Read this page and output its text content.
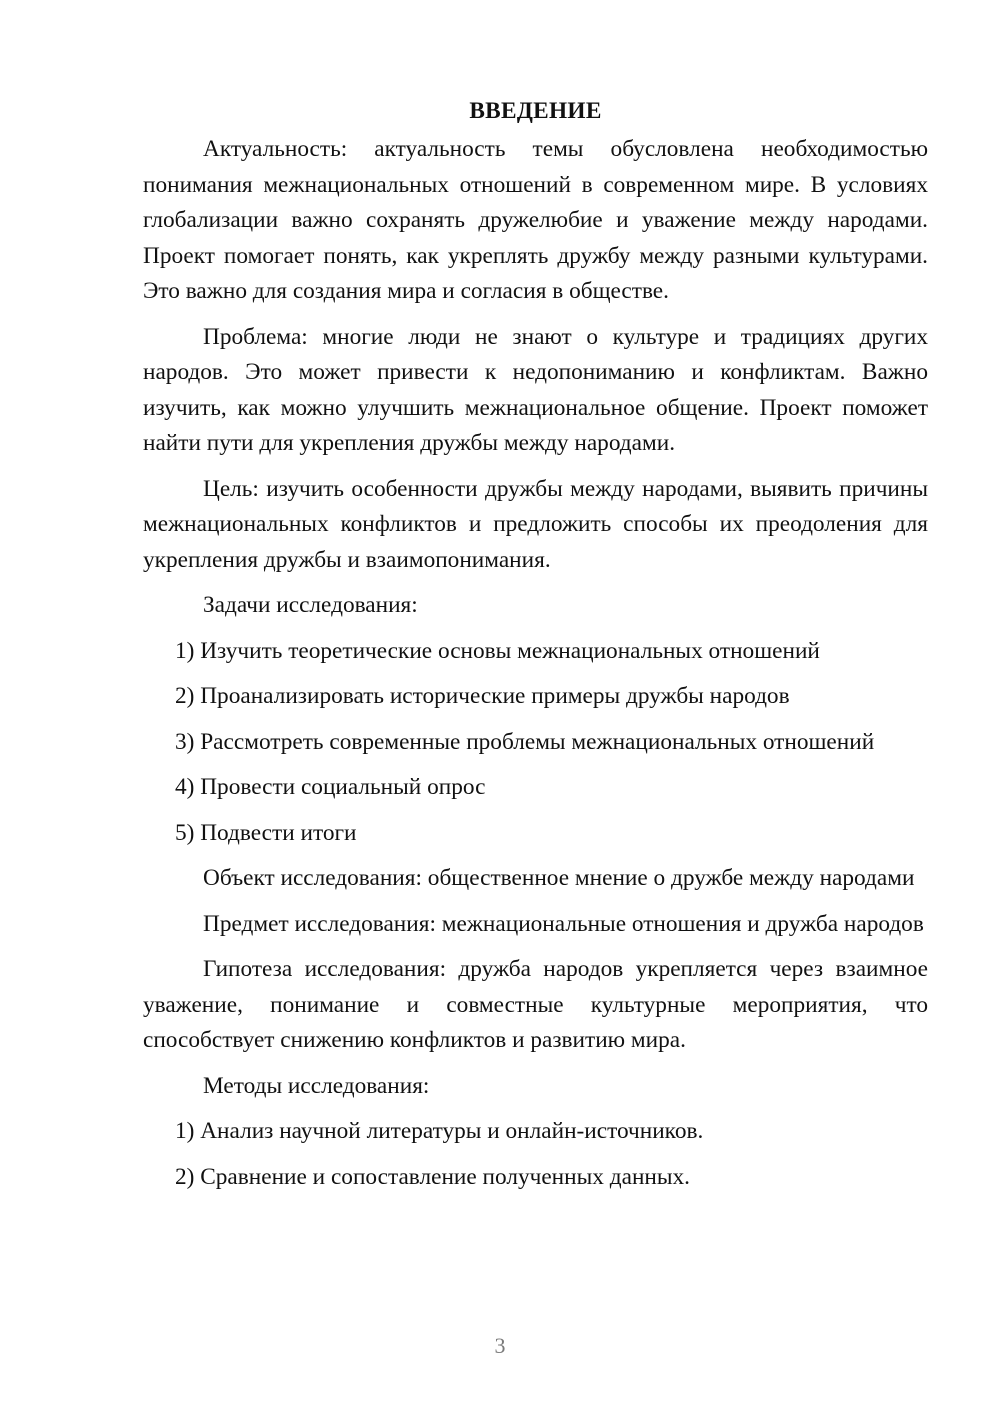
ВВЕДЕНИЕ

Актуальность: актуальность темы обусловлена необходимостью понимания межнациональных отношений в современном мире. В условиях глобализации важно сохранять дружелюбие и уважение между народами. Проект помогает понять, как укреплять дружбу между разными культурами. Это важно для создания мира и согласия в обществе.

Проблема: многие люди не знают о культуре и традициях других народов. Это может привести к недопониманию и конфликтам. Важно изучить, как можно улучшить межнациональное общение. Проект поможет найти пути для укрепления дружбы между народами.

Цель: изучить особенности дружбы между народами, выявить причины межнациональных конфликтов и предложить способы их преодоления для укрепления дружбы и взаимопонимания.

Задачи исследования:

1) Изучить теоретические основы межнациональных отношений

2) Проанализировать исторические примеры дружбы народов

3) Рассмотреть современные проблемы межнациональных отношений

4) Провести социальный опрос

5) Подвести итоги

Объект исследования: общественное мнение о дружбе между народами

Предмет исследования: межнациональные отношения и дружба народов

Гипотеза исследования: дружба народов укрепляется через взаимное уважение, понимание и совместные культурные мероприятия, что способствует снижению конфликтов и развитию мира.

Методы исследования:

1) Анализ научной литературы и онлайн-источников.

2) Сравнение и сопоставление полученных данных.

3
